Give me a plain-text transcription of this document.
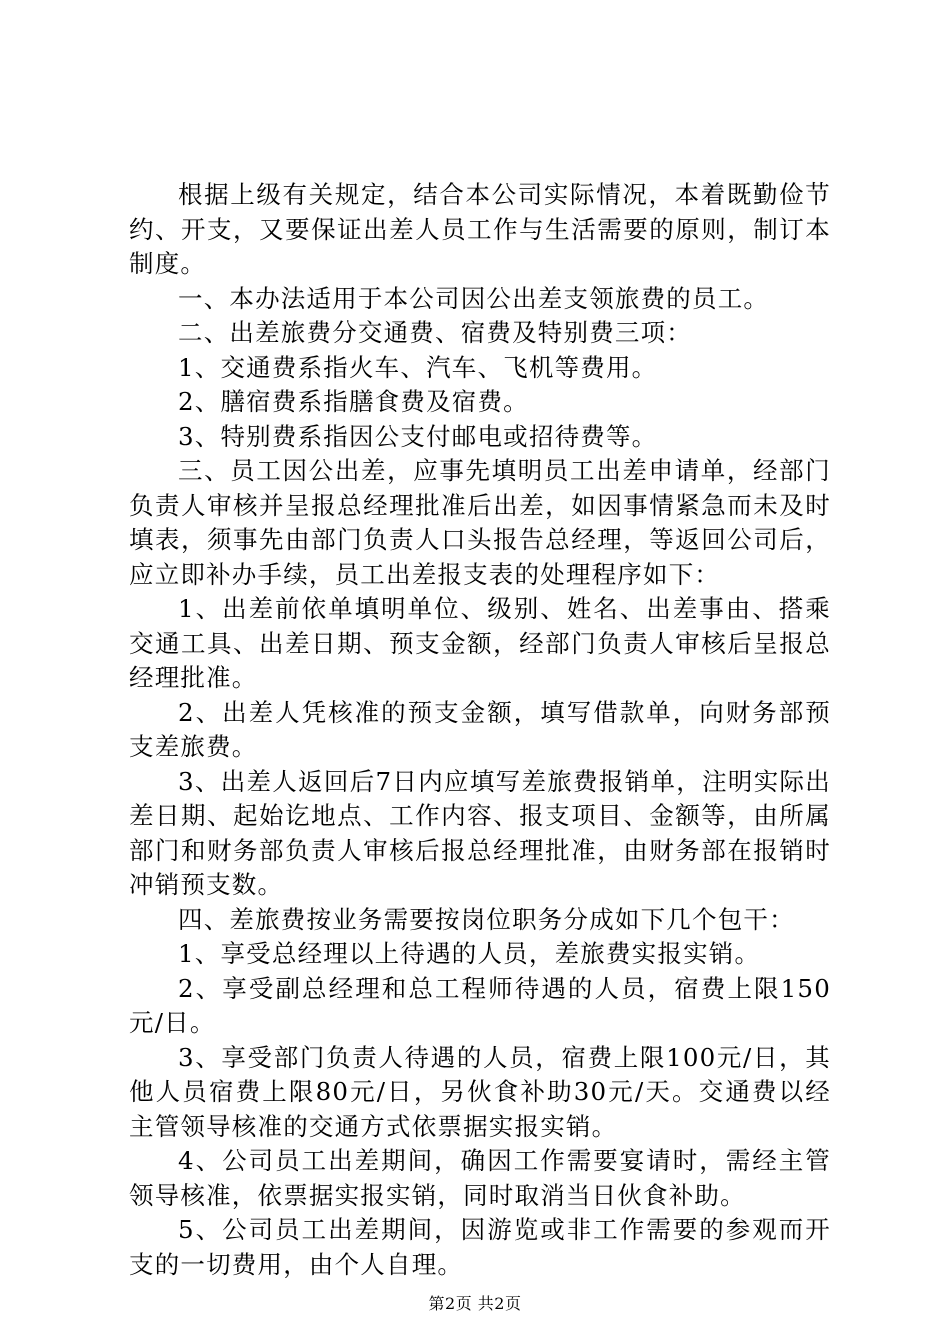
根据上级有关规定，结合本公司实际情况，本着既勤俭节约、开支，又要保证出差人员工作与生活需要的原则，制订本制度。

一、本办法适用于本公司因公出差支领旅费的员工。

二、出差旅费分交通费、宿费及特别费三项：

1、交通费系指火车、汽车、飞机等费用。

2、膳宿费系指膳食费及宿费。

3、特别费系指因公支付邮电或招待费等。

三、员工因公出差，应事先填明员工出差申请单，经部门负责人审核并呈报总经理批准后出差，如因事情紧急而未及时填表，须事先由部门负责人口头报告总经理，等返回公司后，应立即补办手续，员工出差报支表的处理程序如下：

1、出差前依单填明单位、级别、姓名、出差事由、搭乘交通工具、出差日期、预支金额，经部门负责人审核后呈报总经理批准。

2、出差人凭核准的预支金额，填写借款单，向财务部预支差旅费。

3、出差人返回后7日内应填写差旅费报销单，注明实际出差日期、起始讫地点、工作内容、报支项目、金额等，由所属部门和财务部负责人审核后报总经理批准，由财务部在报销时冲销预支数。

四、差旅费按业务需要按岗位职务分成如下几个包干：

1、享受总经理以上待遇的人员，差旅费实报实销。

2、享受副总经理和总工程师待遇的人员，宿费上限150元/日。

3、享受部门负责人待遇的人员，宿费上限100元/日，其他人员宿费上限80元/日，另伙食补助30元/天。交通费以经主管领导核准的交通方式依票据实报实销。

4、公司员工出差期间，确因工作需要宴请时，需经主管领导核准，依票据实报实销，同时取消当日伙食补助。

5、公司员工出差期间，因游览或非工作需要的参观而开支的一切费用，由个人自理。

第2页 共2页
